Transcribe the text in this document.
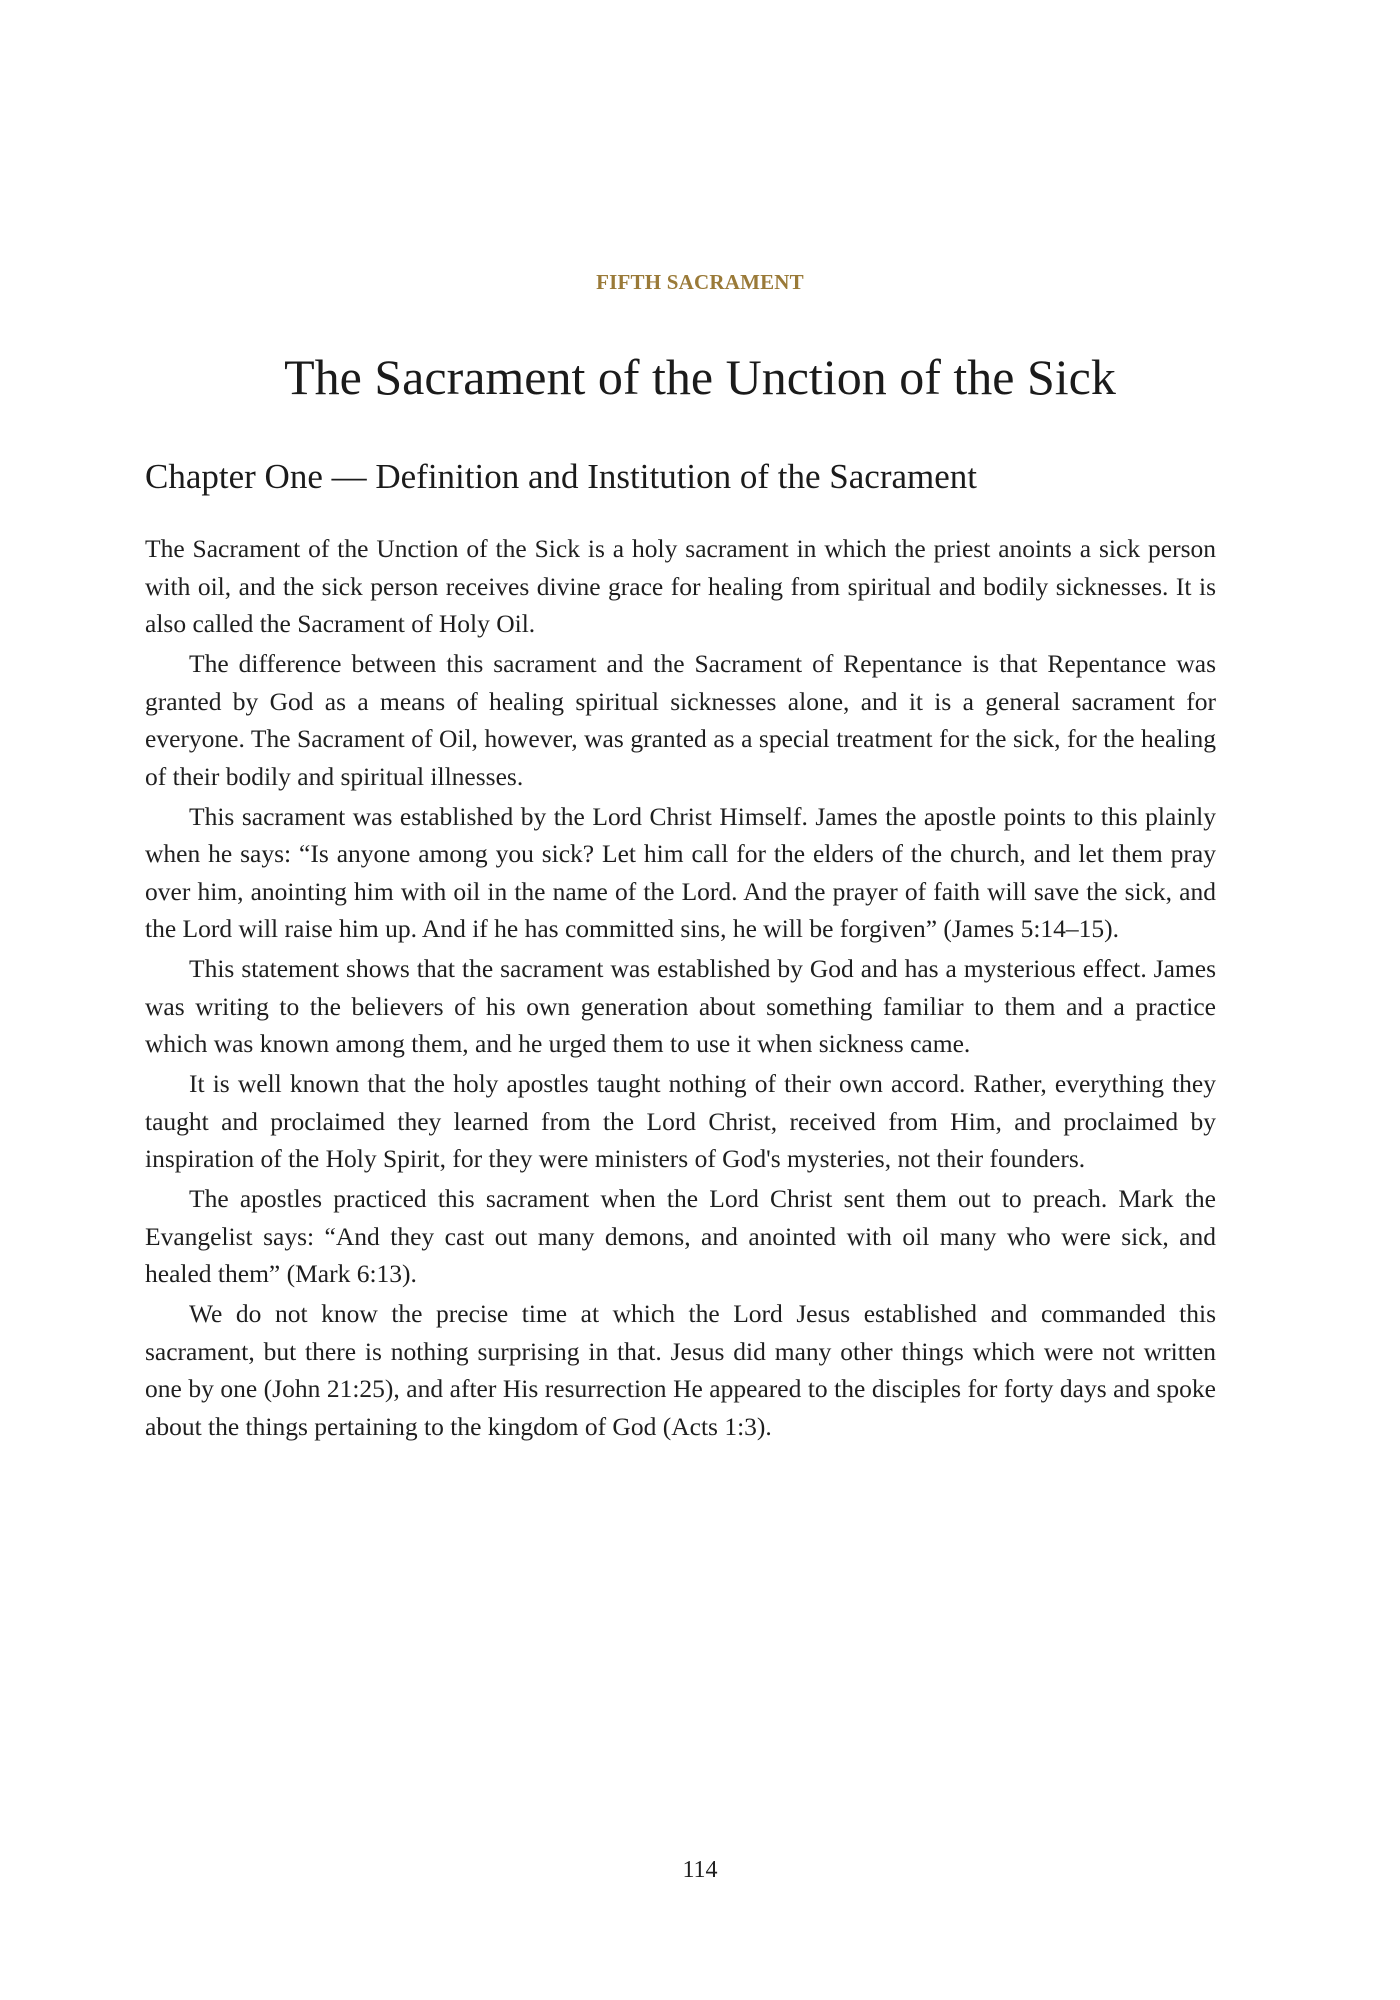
FIFTH SACRAMENT
The Sacrament of the Unction of the Sick
Chapter One — Definition and Institution of the Sacrament

The Sacrament of the Unction of the Sick is a holy sacrament in which the priest anoints a sick person with oil, and the sick person receives divine grace for healing from spiritual and bodily sicknesses. It is also called the Sacrament of Holy Oil.

The difference between this sacrament and the Sacrament of Repentance is that Repentance was granted by God as a means of healing spiritual sicknesses alone, and it is a general sacrament for everyone. The Sacrament of Oil, however, was granted as a special treatment for the sick, for the healing of their bodily and spiritual illnesses.

This sacrament was established by the Lord Christ Himself. James the apostle points to this plainly when he says: “Is anyone among you sick? Let him call for the elders of the church, and let them pray over him, anointing him with oil in the name of the Lord. And the prayer of faith will save the sick, and the Lord will raise him up. And if he has committed sins, he will be forgiven” (James 5:14–15).

This statement shows that the sacrament was established by God and has a mysterious effect. James was writing to the believers of his own generation about something familiar to them and a practice which was known among them, and he urged them to use it when sickness came.

It is well known that the holy apostles taught nothing of their own accord. Rather, everything they taught and proclaimed they learned from the Lord Christ, received from Him, and proclaimed by inspiration of the Holy Spirit, for they were ministers of God's mysteries, not their founders.

The apostles practiced this sacrament when the Lord Christ sent them out to preach. Mark the Evangelist says: “And they cast out many demons, and anointed with oil many who were sick, and healed them” (Mark 6:13).

We do not know the precise time at which the Lord Jesus established and commanded this sacrament, but there is nothing surprising in that. Jesus did many other things which were not written one by one (John 21:25), and after His resurrection He appeared to the disciples for forty days and spoke about the things pertaining to the kingdom of God (Acts 1:3).

114
